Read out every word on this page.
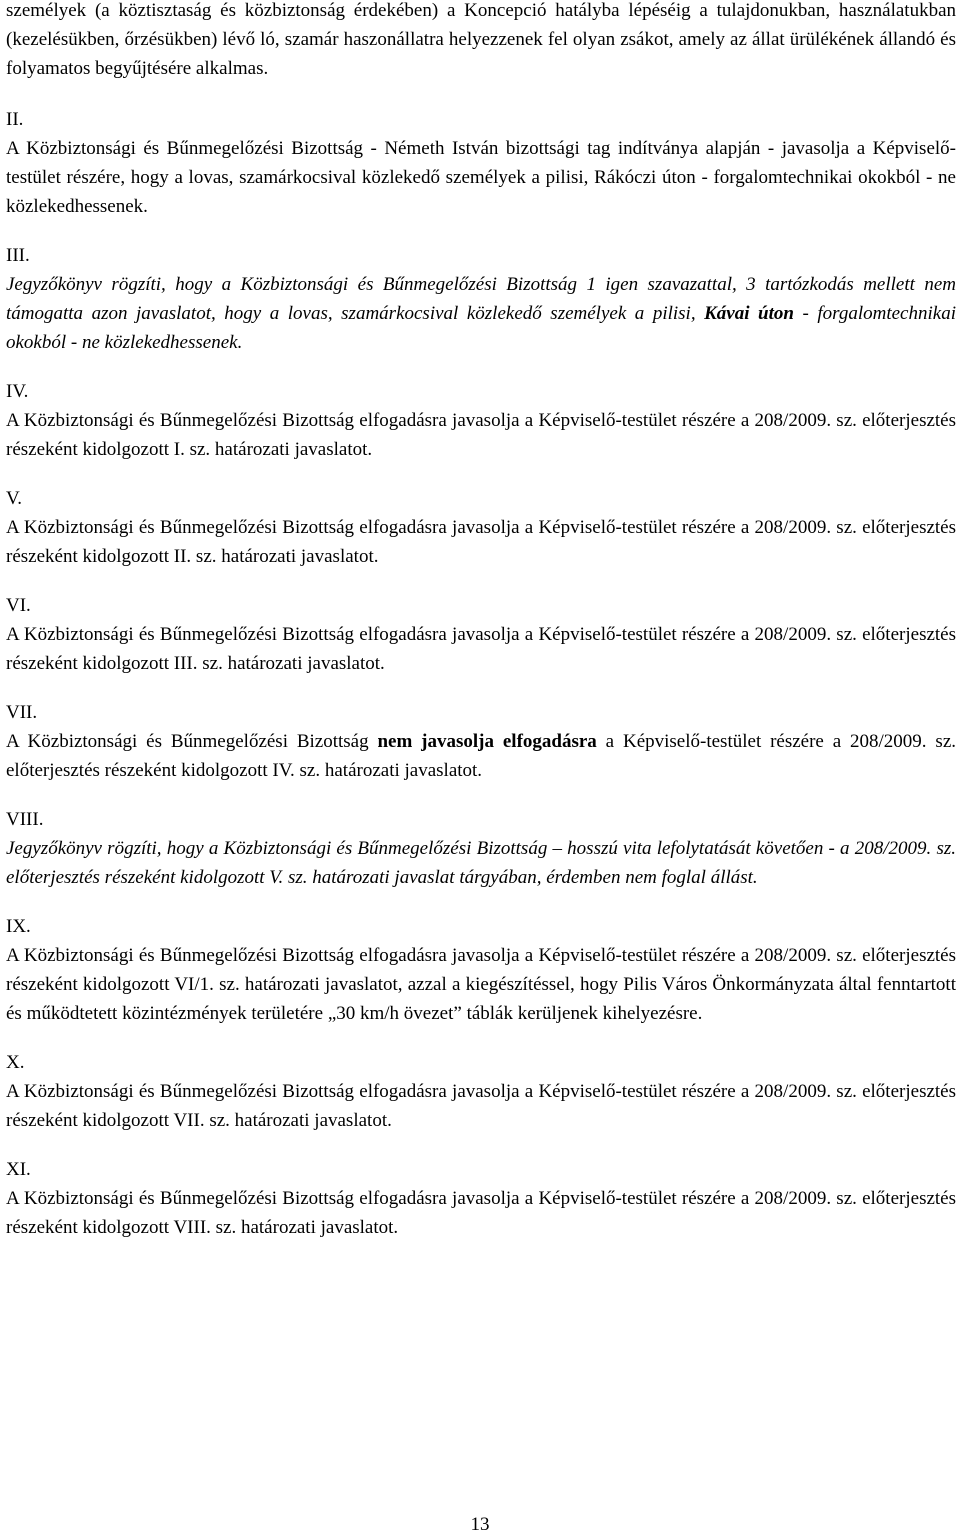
személyek (a köztisztaság és közbiztonság érdekében) a Koncepció hatályba lépéséig a tulajdonukban, használatukban (kezelésükben, őrzésükben) lévő ló, szamár haszonállatra helyezzenek fel olyan zsákot, amely az állat ürülékének állandó és folyamatos begyűjtésére alkalmas.

II.

A Közbiztonsági és Bűnmegelőzési Bizottság - Németh István bizottsági tag indítványa alapján - javasolja a Képviselő-testület részére, hogy a lovas, szamárkocsival közlekedő személyek a pilisi, Rákóczi úton - forgalomtechnikai okokból - ne közlekedhessenek.

III.

Jegyzőkönyv rögzíti, hogy a Közbiztonsági és Bűnmegelőzési Bizottság 1 igen szavazattal, 3 tartózkodás mellett nem támogatta azon javaslatot, hogy a lovas, szamárkocsival közlekedő személyek a pilisi, Kávai úton - forgalomtechnikai okokból - ne közlekedhessenek.

IV.

A Közbiztonsági és Bűnmegelőzési Bizottság elfogadásra javasolja a Képviselő-testület részére a 208/2009. sz. előterjesztés részeként kidolgozott I. sz. határozati javaslatot.

V.

A Közbiztonsági és Bűnmegelőzési Bizottság elfogadásra javasolja a Képviselő-testület részére a 208/2009. sz. előterjesztés részeként kidolgozott II. sz. határozati javaslatot.

VI.

A Közbiztonsági és Bűnmegelőzési Bizottság elfogadásra javasolja a Képviselő-testület részére a 208/2009. sz. előterjesztés részeként kidolgozott III. sz. határozati javaslatot.

VII.

A Közbiztonsági és Bűnmegelőzési Bizottság nem javasolja elfogadásra a Képviselő-testület részére a 208/2009. sz. előterjesztés részeként kidolgozott IV. sz. határozati javaslatot.

VIII.

Jegyzőkönyv rögzíti, hogy a Közbiztonsági és Bűnmegelőzési Bizottság – hosszú vita lefolytatását követően - a 208/2009. sz. előterjesztés részeként kidolgozott V. sz. határozati javaslat tárgyában, érdemben nem foglal állást.

IX.

A Közbiztonsági és Bűnmegelőzési Bizottság elfogadásra javasolja a Képviselő-testület részére a 208/2009. sz. előterjesztés részeként kidolgozott VI/1. sz. határozati javaslatot, azzal a kiegészítéssel, hogy Pilis Város Önkormányzata által fenntartott és működtetett közintézmények területére „30 km/h övezet” táblák kerüljenek kihelyezésre.

X.

A Közbiztonsági és Bűnmegelőzési Bizottság elfogadásra javasolja a Képviselő-testület részére a 208/2009. sz. előterjesztés részeként kidolgozott VII. sz. határozati javaslatot.

XI.

A Közbiztonsági és Bűnmegelőzési Bizottság elfogadásra javasolja a Képviselő-testület részére a 208/2009. sz. előterjesztés részeként kidolgozott VIII. sz. határozati javaslatot.

13
